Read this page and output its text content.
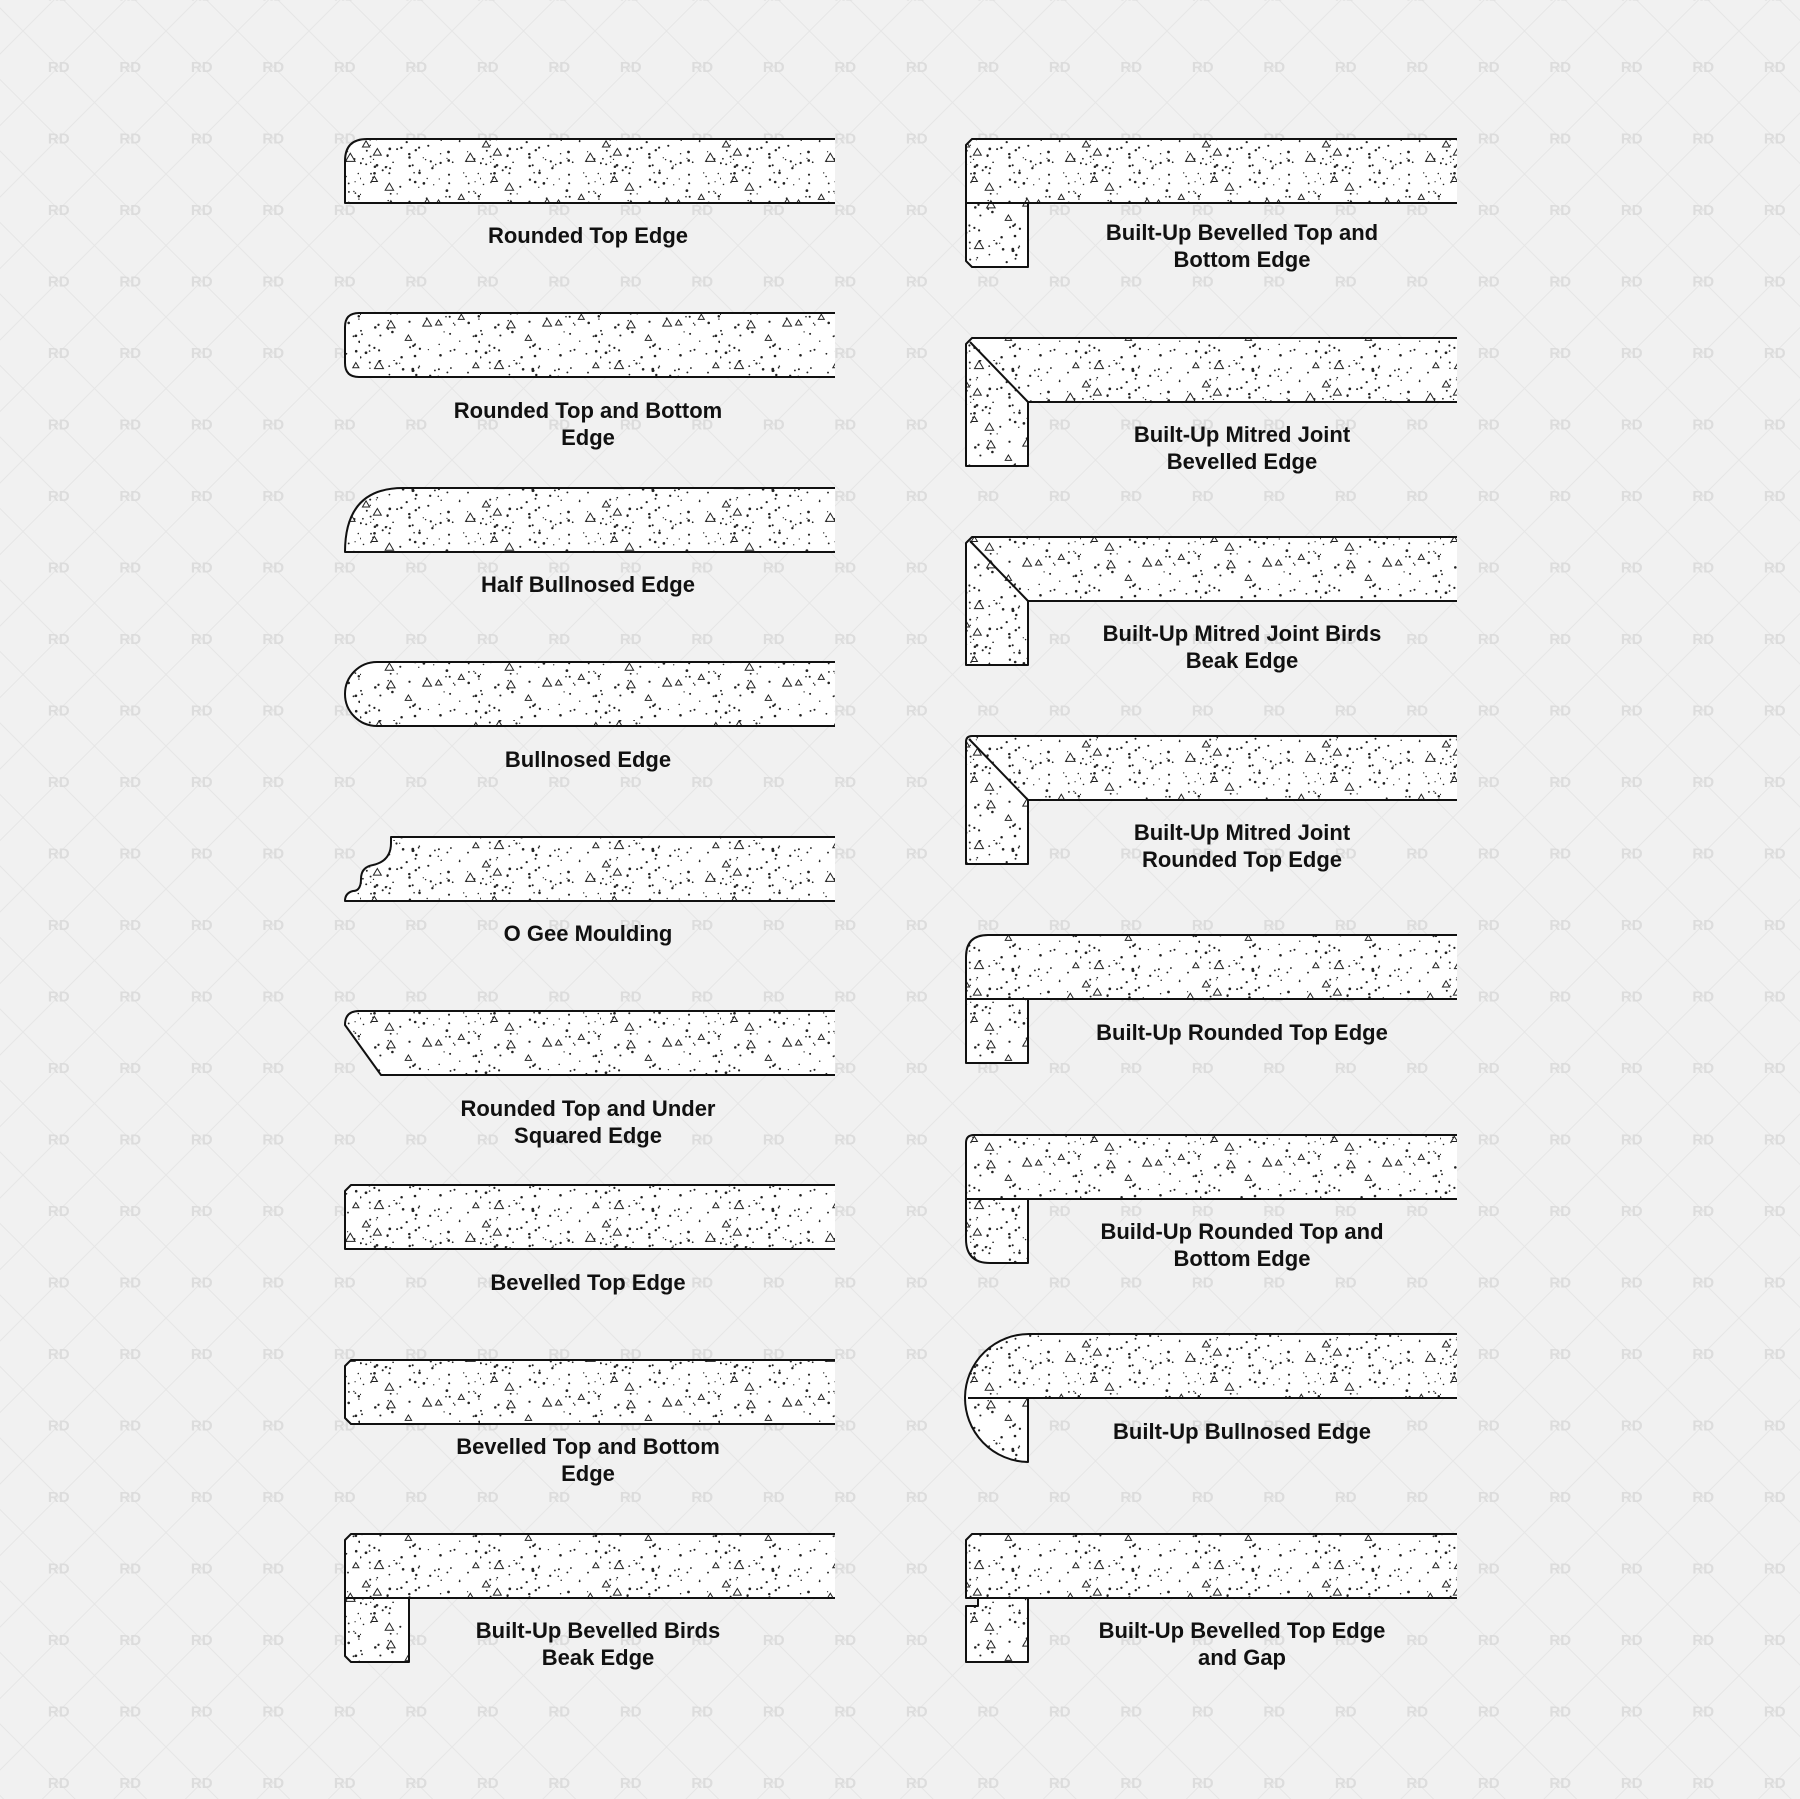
Rounded Top Edge
Rounded Top and Bottom
Edge
Half Bullnosed Edge
Bullnosed Edge
O Gee Moulding
Rounded Top and Under
Squared Edge
Bevelled Top Edge
Bevelled Top and Bottom
Edge
Built-Up Bevelled Birds
Beak Edge
Built-Up Bevelled Top and
Bottom Edge
Built-Up Mitred Joint
Bevelled Edge
Built-Up Mitred Joint Birds
Beak Edge
Built-Up Mitred Joint
Rounded Top Edge
Built-Up Rounded Top Edge
Build-Up Rounded Top and
Bottom Edge
Built-Up Bullnosed Edge
Built-Up Bevelled Top Edge
and Gap
